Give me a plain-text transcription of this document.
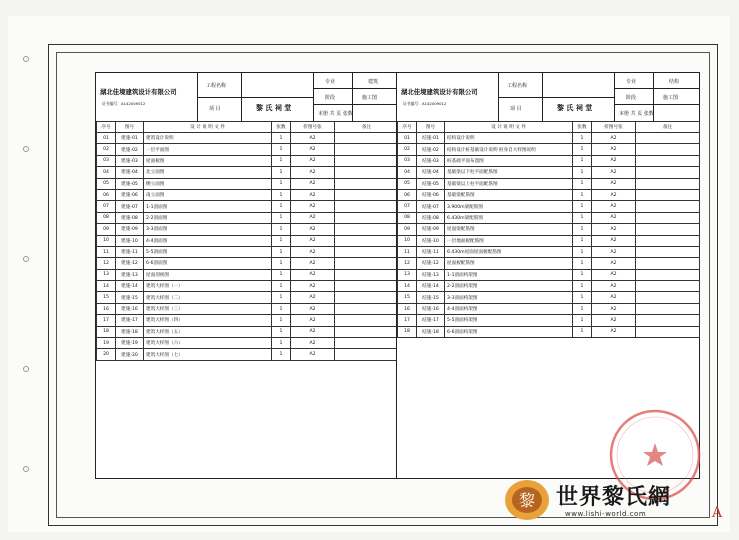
湖北佳境建筑设计有限公司
证书编号：A142009012
工程名称
项 目	黎 氏 祠 堂
专业	建筑
阶段	施工图
本册 共 页 张数
序号	图号	设 计 说 明 文 件	张数	折图号张	备注
01	建施-01	建筑设计说明	1	A2	
02	建施-02	一层平面图	1	A2	
03	建施-03	屋面板图	1	A2	
04	建施-04	北立面图	1	A2	
05	建施-05	侧立面图	1	A2	
06	建施-06	南立面图	1	A2	
07	建施-07	1-1剖面图	1	A2	
08	建施-08	2-2剖面图	1	A2	
09	建施-09	3-3剖面图	1	A2	
10	建施-10	4-4剖面图	1	A2	
11	建施-11	5-5剖面图	1	A2	
12	建施-12	6-6剖面图	1	A2	
13	建施-13	屋面剖视图	1	A2	
14	建施-14	建筑大样图（一）	1	A2	
15	建施-15	建筑大样图（二）	1	A2	
16	建施-16	建筑大样图（三）	1	A2	
17	建施-17	建筑大样图（四）	1	A2	
18	建施-18	建筑大样图（五）	1	A2	
19	建施-19	建筑大样图（六）	1	A2	
20	建施-20	建筑大样图（七）	1	A2	
湖北佳境建筑设计有限公司
证书编号：A142009012
工程名称
项 目	黎 氏 祠 堂
专业	结构
阶段	施工图
本册 共 页 张数
序号	图号	设 计 说 明 文 件	张数	折图号张	备注
01	结施-01	结构设计说明	1	A2	
02	结施-02	结构设计桩基础设计说明 桩身自大样图说明	1	A2	
03	结施-03	桩基础平面布置图	1	A2	
04	结施-04	基础梁以下柱平面配筋图	1	A2	
05	结施-05	基础梁以上柱平面配筋图	1	A2	
06	结施-06	基础梁配筋图	1	A2	
07	结施-07	3.900m梁配筋图	1	A2	
08	结施-08	6.430m梁配筋图	1	A2	
09	结施-09	屋面梁配筋图	1	A2	
10	结施-10	一层地面板配筋图	1	A2	
11	结施-11	6.430m屋面屋面板配筋图	1	A2	
12	结施-12	屋面板配筋图	1	A2	
13	结施-13	1-1剖面构架图	1	A2	
14	结施-14	2-2剖面构架图	1	A2	
15	结施-15	3-3剖面构架图	1	A2	
16	结施-16	4-4剖面构架图	1	A2	
17	结施-17	5-5剖面构架图	1	A2	
18	结施-18	6-6剖面构架图	1	A2	
黎 世界黎氏網
www.lishi-world.com	A
